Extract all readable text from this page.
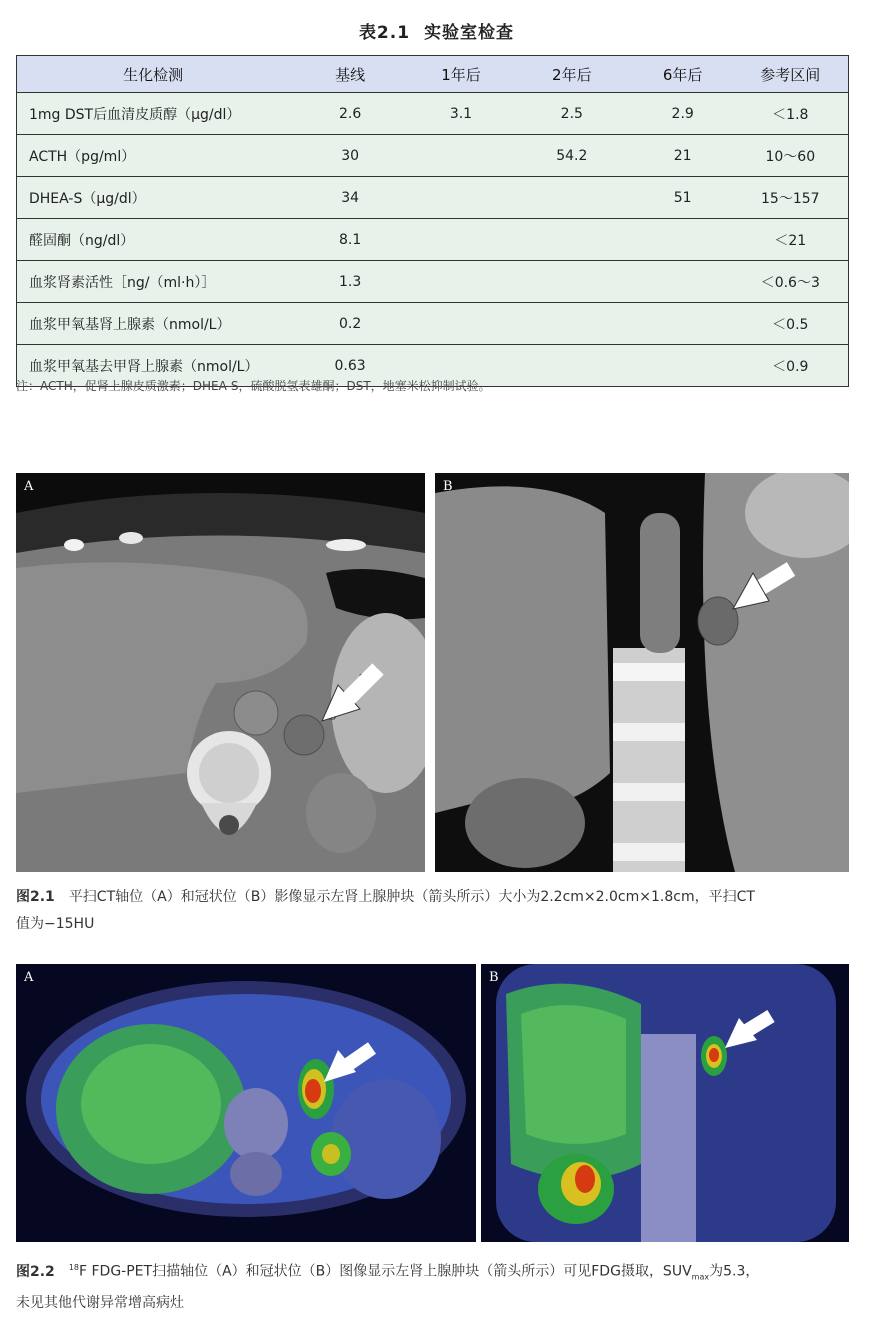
表2.1 实验室检查
生化检测	基线	1年后	2年后	6年后	参考区间
1mg DST后血清皮质醇（µg/dl）	2.6	3.1	2.5	2.9	＜1.8
ACTH（pg/ml）	30		54.2	21	10～60
DHEA-S（µg/dl）	34			51	15～157
醛固酮（ng/dl）	8.1				＜21
血浆肾素活性［ng/（ml·h）］	1.3				＜0.6～3
血浆甲氧基肾上腺素（nmol/L）	0.2				＜0.5
血浆甲氧基去甲肾上腺素（nmol/L）	0.63				＜0.9
注：ACTH，促肾上腺皮质激素；DHEA-S，硫酸脱氢表雄酮；DST，地塞米松抑制试验。
A	B
图2.1 平扫CT轴位（A）和冠状位（B）影像显示左肾上腺肿块（箭头所示）大小为2.2cm×2.0cm×1.8cm，平扫CT
值为−15HU
A	B
图2.2 $^{18}$F FDG-PET扫描轴位（A）和冠状位（B）图像显示左肾上腺肿块（箭头所示）可见FDG摄取，$SUV_{max}$为5.3，
未见其他代谢异常增高病灶
